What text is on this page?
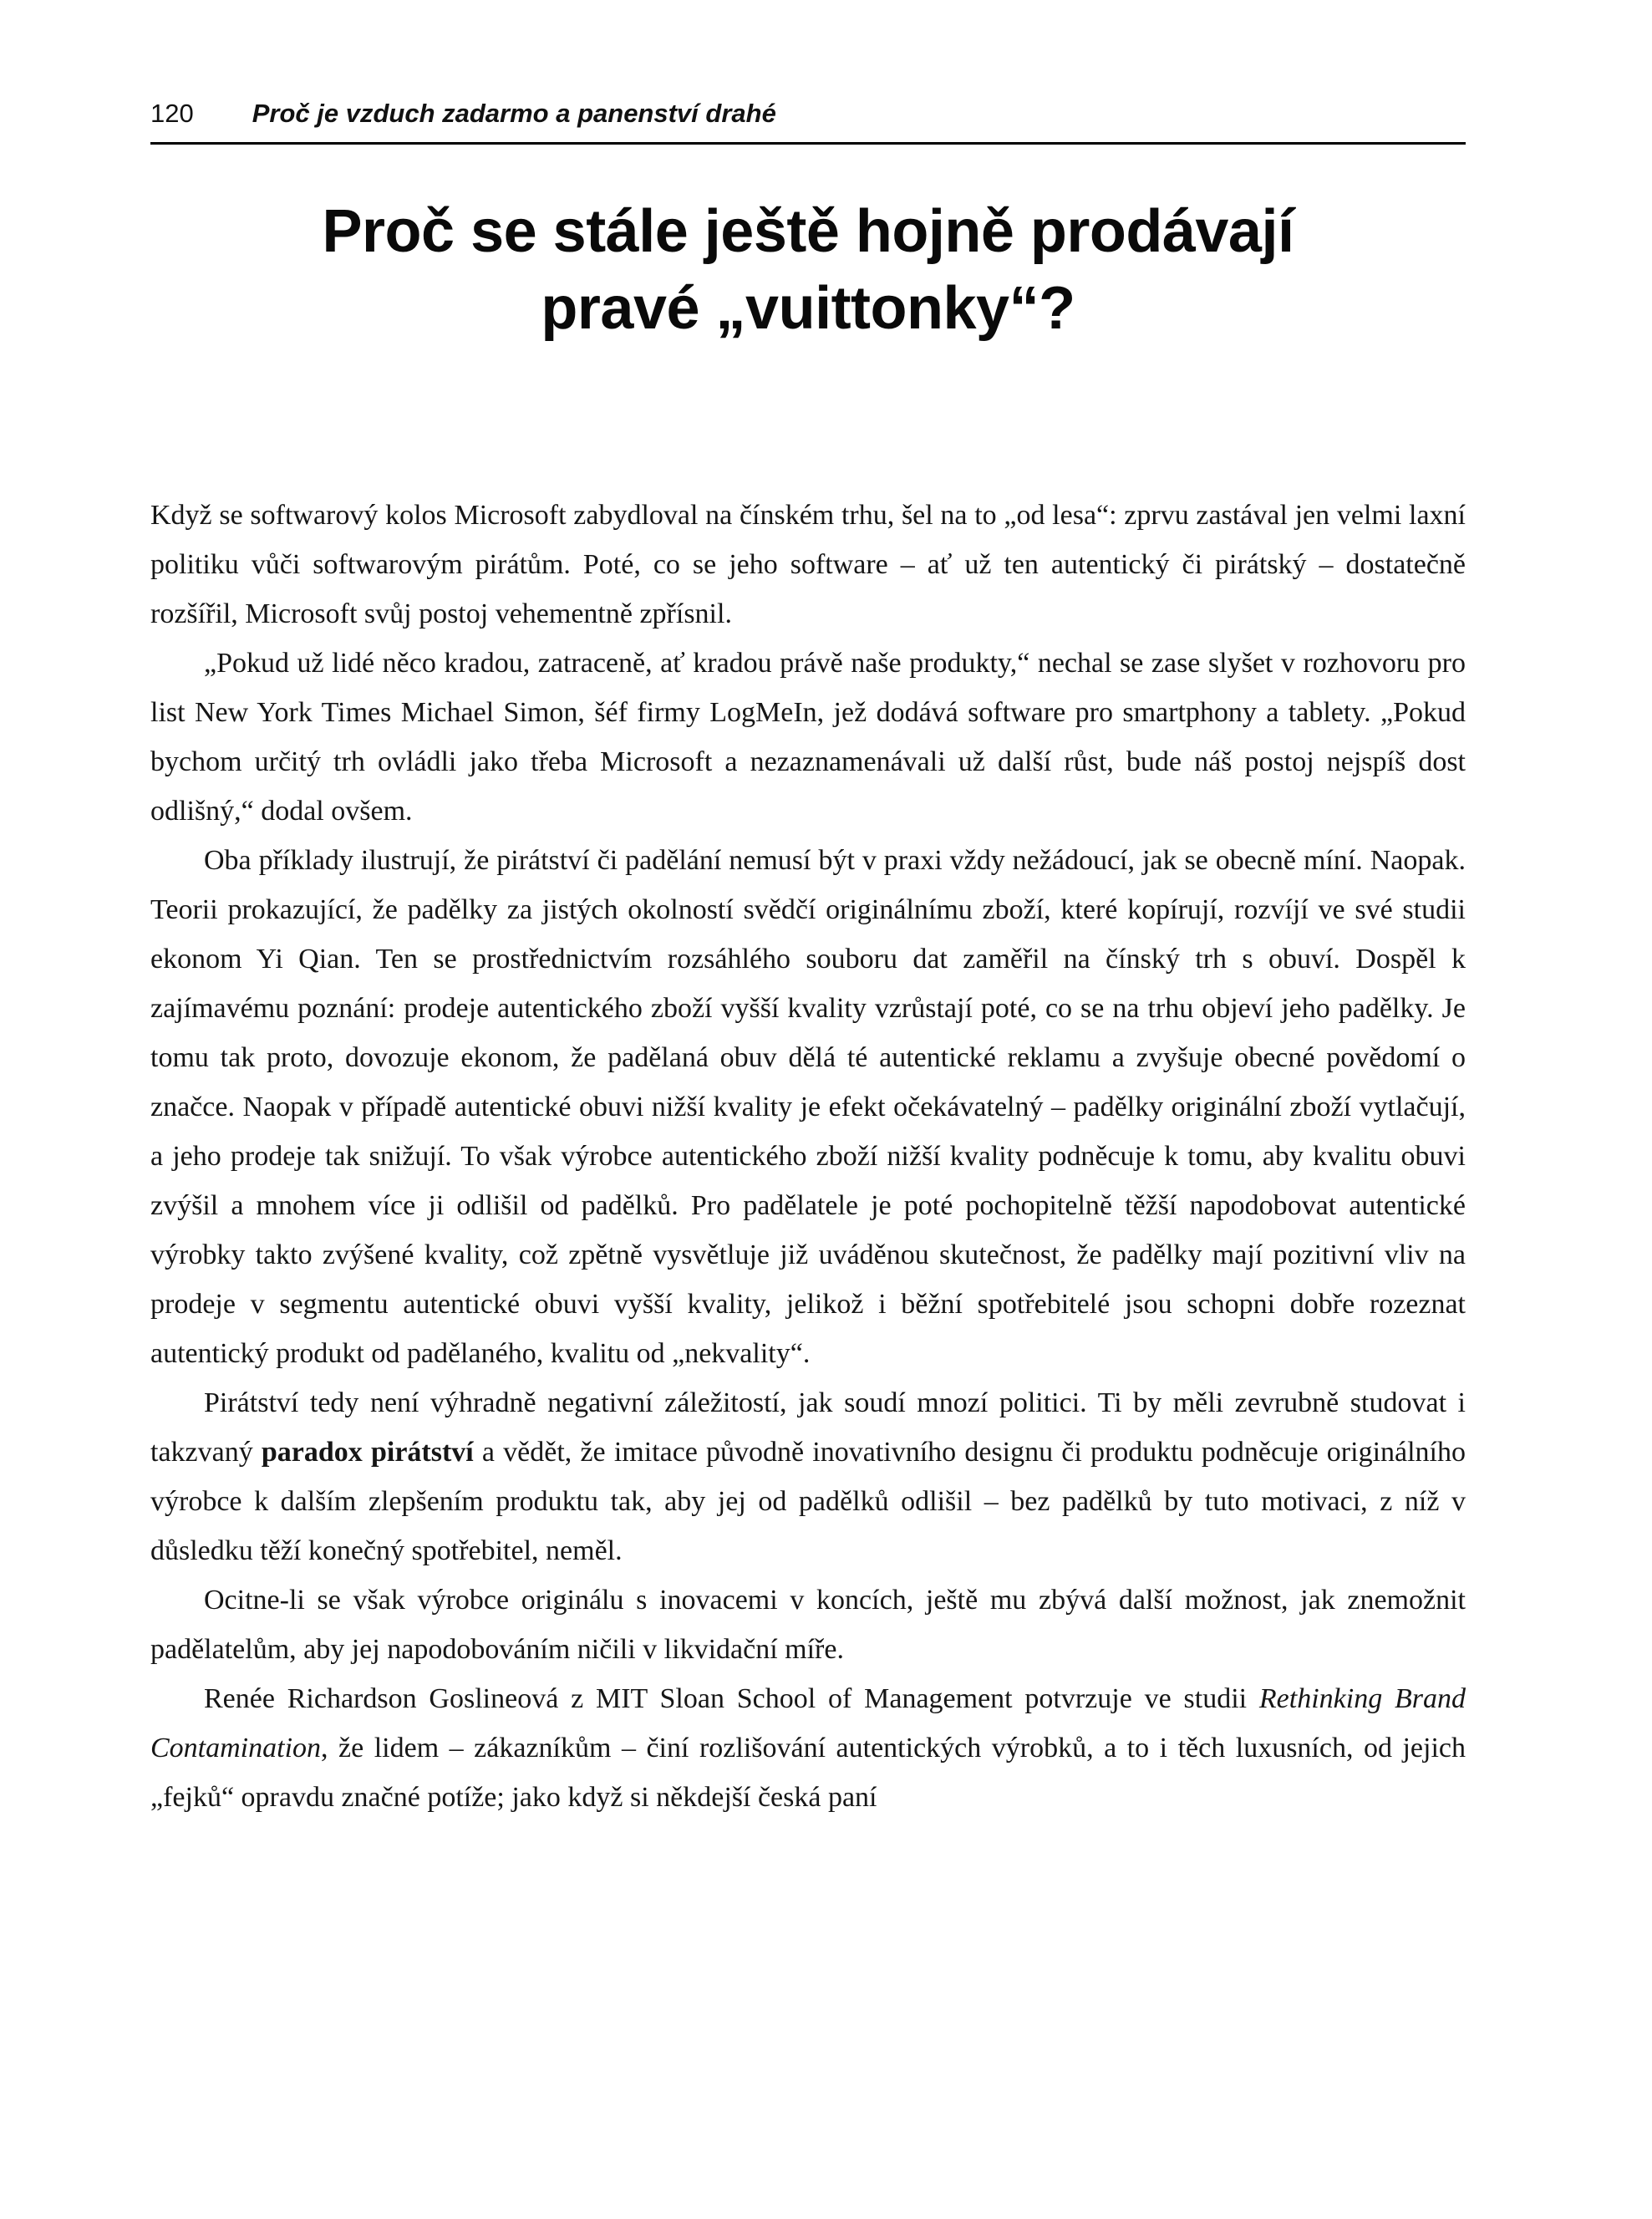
120 Proč je vzduch zadarmo a panenství drahé
Proč se stále ještě hojně prodávají
pravé „vuittonky“?

Když se softwarový kolos Microsoft zabydloval na čínském trhu, šel na to „od lesa“: zprvu zastával jen velmi laxní politiku vůči softwarovým pirátům. Poté, co se jeho software – ať už ten autentický či pirátský – dostatečně rozšířil, Microsoft svůj postoj vehementně zpřísnil.

„Pokud už lidé něco kradou, zatraceně, ať kradou právě naše produkty,“ nechal se zase slyšet v rozhovoru pro list New York Times Michael Simon, šéf firmy LogMeIn, jež dodává software pro smartphony a tablety. „Pokud bychom určitý trh ovládli jako třeba Microsoft a nezaznamenávali už další růst, bude náš postoj nejspíš dost odlišný,“ dodal ovšem.

Oba příklady ilustrují, že pirátství či padělání nemusí být v praxi vždy nežádoucí, jak se obecně míní. Naopak. Teorii prokazující, že padělky za jistých okolností svědčí originálnímu zboží, které kopírují, rozvíjí ve své studii ekonom Yi Qian. Ten se prostřednictvím rozsáhlého souboru dat zaměřil na čínský trh s obuví. Dospěl k zajímavému poznání: prodeje autentického zboží vyšší kvality vzrůstají poté, co se na trhu objeví jeho padělky. Je tomu tak proto, dovozuje ekonom, že padělaná obuv dělá té autentické reklamu a zvyšuje obecné povědomí o značce. Naopak v případě autentické obuvi nižší kvality je efekt očekávatelný – padělky originální zboží vytlačují, a jeho prodeje tak snižují. To však výrobce autentického zboží nižší kvality podněcuje k tomu, aby kvalitu obuvi zvýšil a mnohem více ji odlišil od padělků. Pro padělatele je poté pochopitelně těžší napodobovat autentické výrobky takto zvýšené kvality, což zpětně vysvětluje již uváděnou skutečnost, že padělky mají pozitivní vliv na prodeje v segmentu autentické obuvi vyšší kvality, jelikož i běžní spotřebitelé jsou schopni dobře rozeznat autentický produkt od padělaného, kvalitu od „nekvality“.

Pirátství tedy není výhradně negativní záležitostí, jak soudí mnozí politici. Ti by měli zevrubně studovat i takzvaný paradox pirátství a vědět, že imitace původně inovativního designu či produktu podněcuje originálního výrobce k dalším zlepšením produktu tak, aby jej od padělků odlišil – bez padělků by tuto motivaci, z níž v důsledku těží konečný spotřebitel, neměl.

Ocitne-li se však výrobce originálu s inovacemi v koncích, ještě mu zbývá další možnost, jak znemožnit padělatelům, aby jej napodobováním ničili v likvidační míře.

Renée Richardson Goslineová z MIT Sloan School of Management potvrzuje ve studii Rethinking Brand Contamination, že lidem – zákazníkům – činí rozlišování autentických výrobků, a to i těch luxusních, od jejich „fejků“ opravdu značné potíže; jako když si někdejší česká paní
